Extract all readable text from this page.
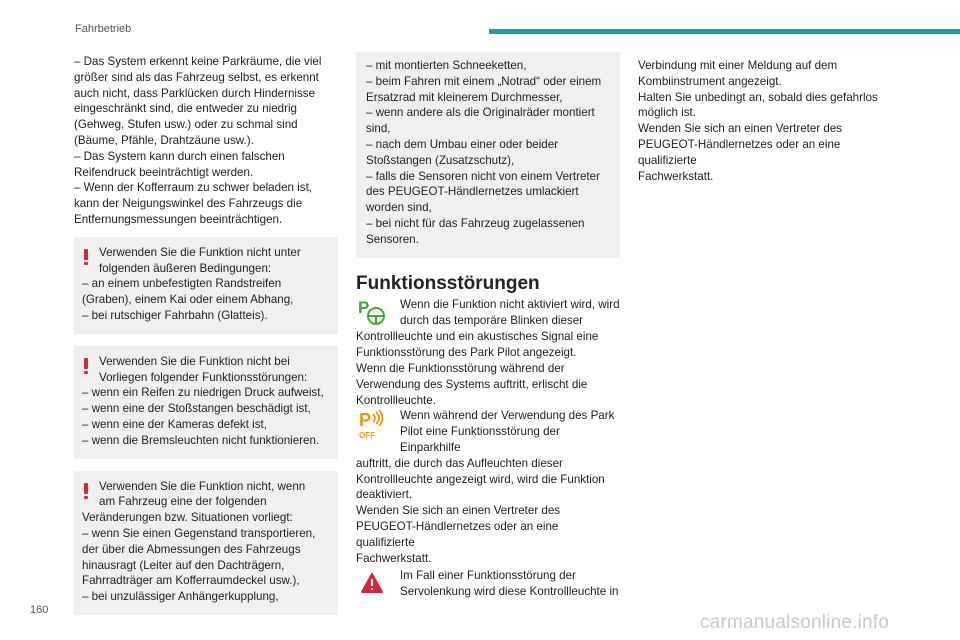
Fahrbetrieb
– Das System erkennt keine Parkräume, die viel
größer sind als das Fahrzeug selbst, es erkennt
auch nicht, dass Parklücken durch Hindernisse
eingeschränkt sind, die entweder zu niedrig
(Gehweg, Stufen usw.) oder zu schmal sind
(Bäume, Pfähle, Drahtzäune usw.).
– Das System kann durch einen falschen
Reifendruck beeinträchtigt werden.
– Wenn der Kofferraum zu schwer beladen ist,
kann der Neigungswinkel des Fahrzeugs die
Entfernungsmessungen beeinträchtigen.
Verwenden Sie die Funktion nicht unter
folgenden äußeren Bedingungen:
– an einem unbefestigten Randstreifen
(Graben), einem Kai oder einem Abhang,
– bei rutschiger Fahrbahn (Glatteis).
Verwenden Sie die Funktion nicht bei
Vorliegen folgender Funktionsstörungen:
– wenn ein Reifen zu niedrigen Druck aufweist,
– wenn eine der Stoßstangen beschädigt ist,
– wenn eine der Kameras defekt ist,
– wenn die Bremsleuchten nicht funktionieren.
Verwenden Sie die Funktion nicht, wenn
am Fahrzeug eine der folgenden
Veränderungen bzw. Situationen vorliegt:
– wenn Sie einen Gegenstand transportieren,
der über die Abmessungen des Fahrzeugs
hinausragt (Leiter auf den Dachträgern,
Fahrradträger am Kofferraumdeckel usw.),
– bei unzulässiger Anhängerkupplung,
– mit montierten Schneeketten,
– beim Fahren mit einem „Notrad“ oder einem
Ersatzrad mit kleinerem Durchmesser,
– wenn andere als die Originalräder montiert
sind,
– nach dem Umbau einer oder beider
Stoßstangen (Zusatzschutz),
– falls die Sensoren nicht von einem Vertreter
des PEUGEOT-Händlernetzes umlackiert
worden sind,
– bei nicht für das Fahrzeug zugelassenen
Sensoren.
Funktionsstörungen
P	Wenn die Funktion nicht aktiviert wird, wird
durch das temporäre Blinken dieser
Kontrollleuchte und ein akustisches Signal eine
Funktionsstörung des Park Pilot angezeigt.
Wenn die Funktionsstörung während der
Verwendung des Systems auftritt, erlischt die
Kontrollleuchte.
P
OFF
Wenn während der Verwendung des Park
Pilot eine Funktionsstörung der Einparkhilfe
auftritt, die durch das Aufleuchten dieser
Kontrollleuchte angezeigt wird, wird die Funktion
deaktiviert.
Wenden Sie sich an einen Vertreter des
PEUGEOT-Händlernetzes oder an eine qualifizierte
Fachwerkstatt.
Im Fall einer Funktionsstörung der
Servolenkung wird diese Kontrollleuchte in
Verbindung mit einer Meldung auf dem
Kombiinstrument angezeigt.
Halten Sie unbedingt an, sobald dies gefahrlos
möglich ist.
Wenden Sie sich an einen Vertreter des
PEUGEOT-Händlernetzes oder an eine qualifizierte
Fachwerkstatt.
160
carmanualsonline.info
